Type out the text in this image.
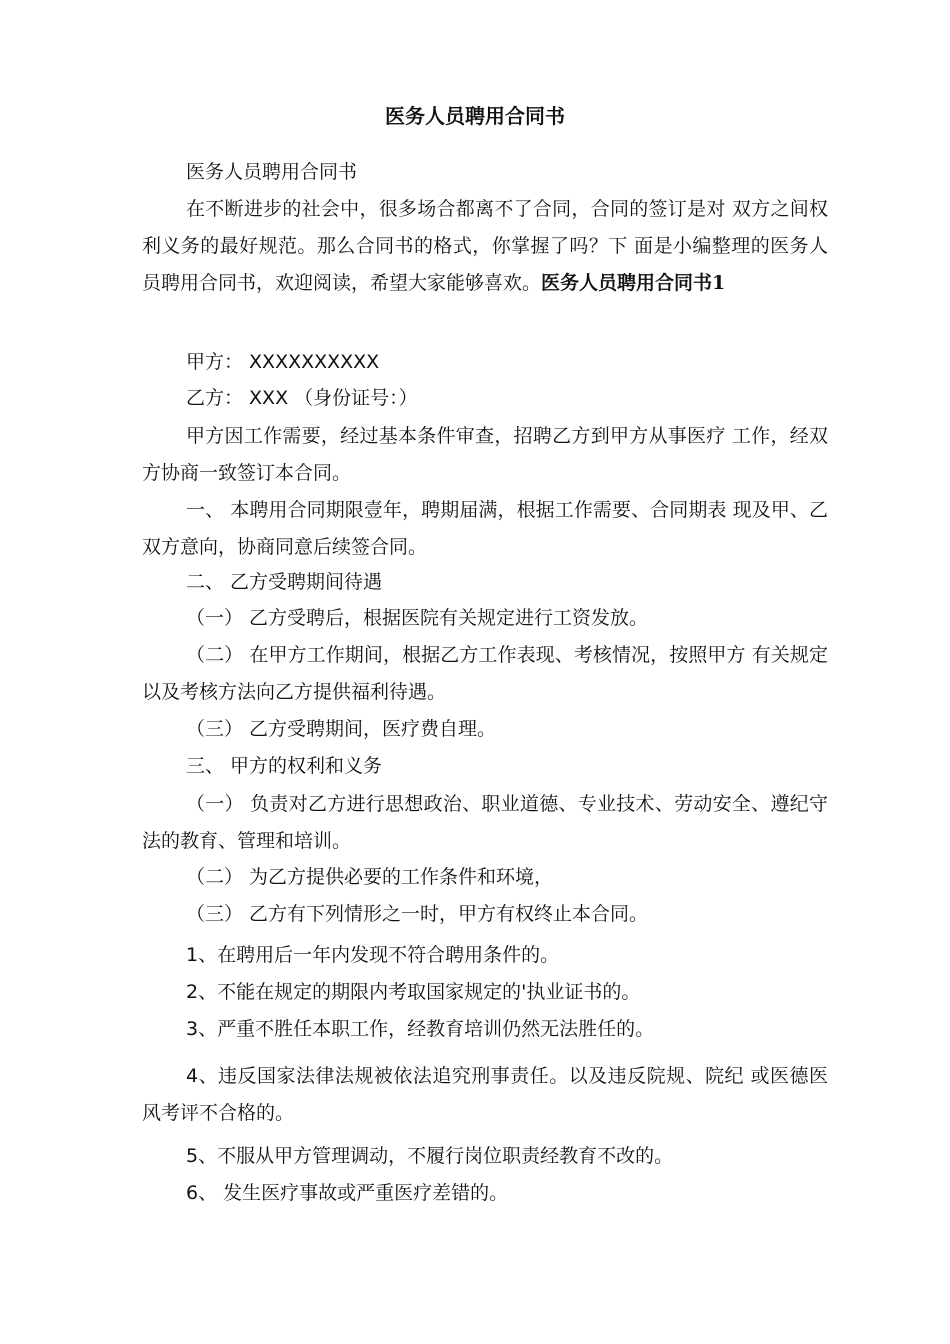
医务人员聘用合同书

医务人员聘用合同书

在不断进步的社会中，很多场合都离不了合同，合同的签订是对 双方之间权利义务的最好规范。那么合同书的格式，你掌握了吗？下 面是小编整理的医务人员聘用合同书，欢迎阅读，希望大家能够喜欢。医务人员聘用合同书1

甲方： XXXXXXXXXX

乙方： XXX （身份证号：）

甲方因工作需要，经过基本条件审查，招聘乙方到甲方从事医疗 工作，经双方协商一致签订本合同。

一、 本聘用合同期限壹年，聘期届满，根据工作需要、合同期表 现及甲、乙双方意向，协商同意后续签合同。

二、 乙方受聘期间待遇

（一） 乙方受聘后，根据医院有关规定进行工资发放。

（二） 在甲方工作期间，根据乙方工作表现、考核情况，按照甲方 有关规定以及考核方法向乙方提供福利待遇。

（三） 乙方受聘期间，医疗费自理。

三、 甲方的权利和义务

（一） 负责对乙方进行思想政治、职业道德、专业技术、劳动安全、遵纪守法的教育、管理和培训。

（二） 为乙方提供必要的工作条件和环境，

（三） 乙方有下列情形之一时，甲方有权终止本合同。

1、在聘用后一年内发现不符合聘用条件的。

2、不能在规定的期限内考取国家规定的'执业证书的。

3、严重不胜任本职工作，经教育培训仍然无法胜任的。

4、违反国家法律法规被依法追究刑事责任。以及违反院规、院纪 或医德医风考评不合格的。

5、不服从甲方管理调动，不履行岗位职责经教育不改的。

6、 发生医疗事故或严重医疗差错的。
